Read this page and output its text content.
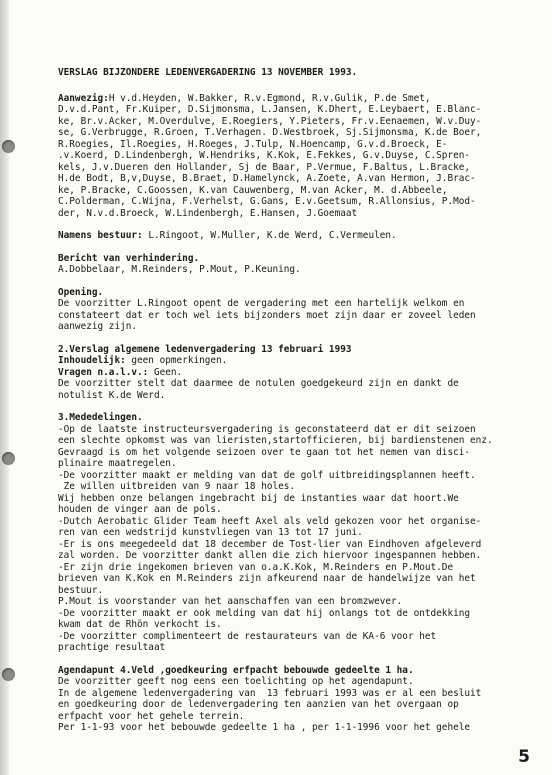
VERSLAG BIJZONDERE LEDENVERGADERING 13 NOVEMBER 1993.

Aanwezig:H v.d.Heyden, W.Bakker, R.v.Egmond, R.v.Gulik, P.de Smet,

D.v.d.Pant, Fr.Kuiper, D.Sijmonsma, L.Jansen, K.Dhert, E.Leybaert, E.Blanc-

ke, Br.v.Acker, M.Overdulve, E.Roegiers, Y.Pieters, Fr.v.Eenaemen, W.v.Duy-

se, G.Verbrugge, R.Groen, T.Verhagen. D.Westbroek, Sj.Sijmonsma, K.de Boer,

R.Roegies, Il.Roegies, H.Roeges, J.Tulp, N.Hoencamp, G.v.d.Broeck, E-

.v.Koerd, D.Lindenbergh, W.Hendriks, K.Kok, E.Fekkes, G.v.Duyse, C.Spren-

kels, J.v.Dueren den Hollander, Sj de Baar, P.Vermue, F.Baltus, L.Bracke,

H.de Bodt, B,v,Duyse, B.Braet, D.Hamelynck, A.Zoete, A.van Hermon, J.Brac-

ke, P.Bracke, C.Goossen, K.van Cauwenberg, M.van Acker, M. d.Abbeele,

C.Polderman, C.Wijna, F.Verhelst, G.Gans, E.v.Geetsum, R.Allonsius, P.Mod-

der, N.v.d.Broeck, W.Lindenbergh, E.Hansen, J.Goemaat

Namens bestuur: L.Ringoot, W.Muller, K.de Werd, C.Vermeulen.

Bericht van verhindering.

A.Dobbelaar, M.Reinders, P.Mout, P.Keuning.

Opening.

De voorzitter L.Ringoot opent de vergadering met een hartelijk welkom en

constateert dat er toch wel iets bijzonders moet zijn daar er zoveel leden

aanwezig zijn.

2.Verslag algemene ledenvergadering 13 februari 1993

Inhoudelijk: geen opmerkingen.

Vragen n.a.l.v.: Geen.

De voorzitter stelt dat daarmee de notulen goedgekeurd zijn en dankt de

notulist K.de Werd.

3.Mededelingen.

-Op de laatste instructeursvergadering is geconstateerd dat er dit seizoen

een slechte opkomst was van lieristen,startofficieren, bij bardienstenen enz.

Gevraagd is om het volgende seizoen over te gaan tot het nemen van disci-

plinaire maatregelen.

-De voorzitter maakt er melding van dat de golf uitbreidingsplannen heeft.

Ze willen uitbreiden van 9 naar 18 holes.

Wij hebben onze belangen ingebracht bij de instanties waar dat hoort.We

houden de vinger aan de pols.

-Dutch Aerobatic Glider Team heeft Axel als veld gekozen voor het organise-

ren van een wedstrijd kunstvliegen van 13 tot 17 juni.

-Er is ons meegedeeld dat 18 december de Tost-lier van Eindhoven afgeleverd

zal worden. De voorzitter dankt allen die zich hiervoor ingespannen hebben.

-Er zijn drie ingekomen brieven van o.a.K.Kok, M.Reinders en P.Mout.De

brieven van K.Kok en M.Reinders zijn afkeurend naar de handelwijze van het

bestuur.

P.Mout is voorstander van het aanschaffen van een bromzwever.

-De voorzitter maakt er ook melding van dat hij onlangs tot de ontdekking

kwam dat de Rhön verkocht is.

-De voorzitter complimenteert de restaurateurs van de KA-6 voor het

prachtige resultaat

Agendapunt 4.Veld ,goedkeuring erfpacht bebouwde gedeelte 1 ha.

De voorzitter geeft nog eens een toelichting op het agendapunt.

In de algemene ledenvergadering van  13 februari 1993 was er al een besluit

en goedkeuring door de ledenvergadering ten aanzien van het overgaan op

erfpacht voor het gehele terrein.

Per 1-1-93 voor het bebouwde gedeelte 1 ha , per 1-1-1996 voor het gehele

5
